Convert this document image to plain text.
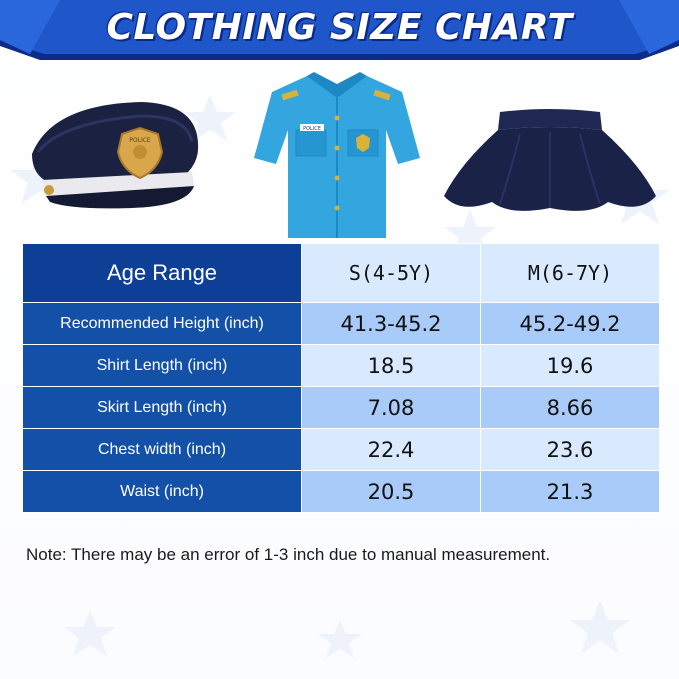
CLOTHING SIZE CHART
POLICE
POLICE
Age Range	S(4-5Y)	M(6-7Y)
Recommended Height (inch)	41.3-45.2	45.2-49.2
Shirt Length (inch)	18.5	19.6
Skirt Length (inch)	7.08	8.66
Chest width (inch)	22.4	23.6
Waist (inch)	20.5	21.3
Note: There may be an error of 1-3 inch due to manual measurement.
